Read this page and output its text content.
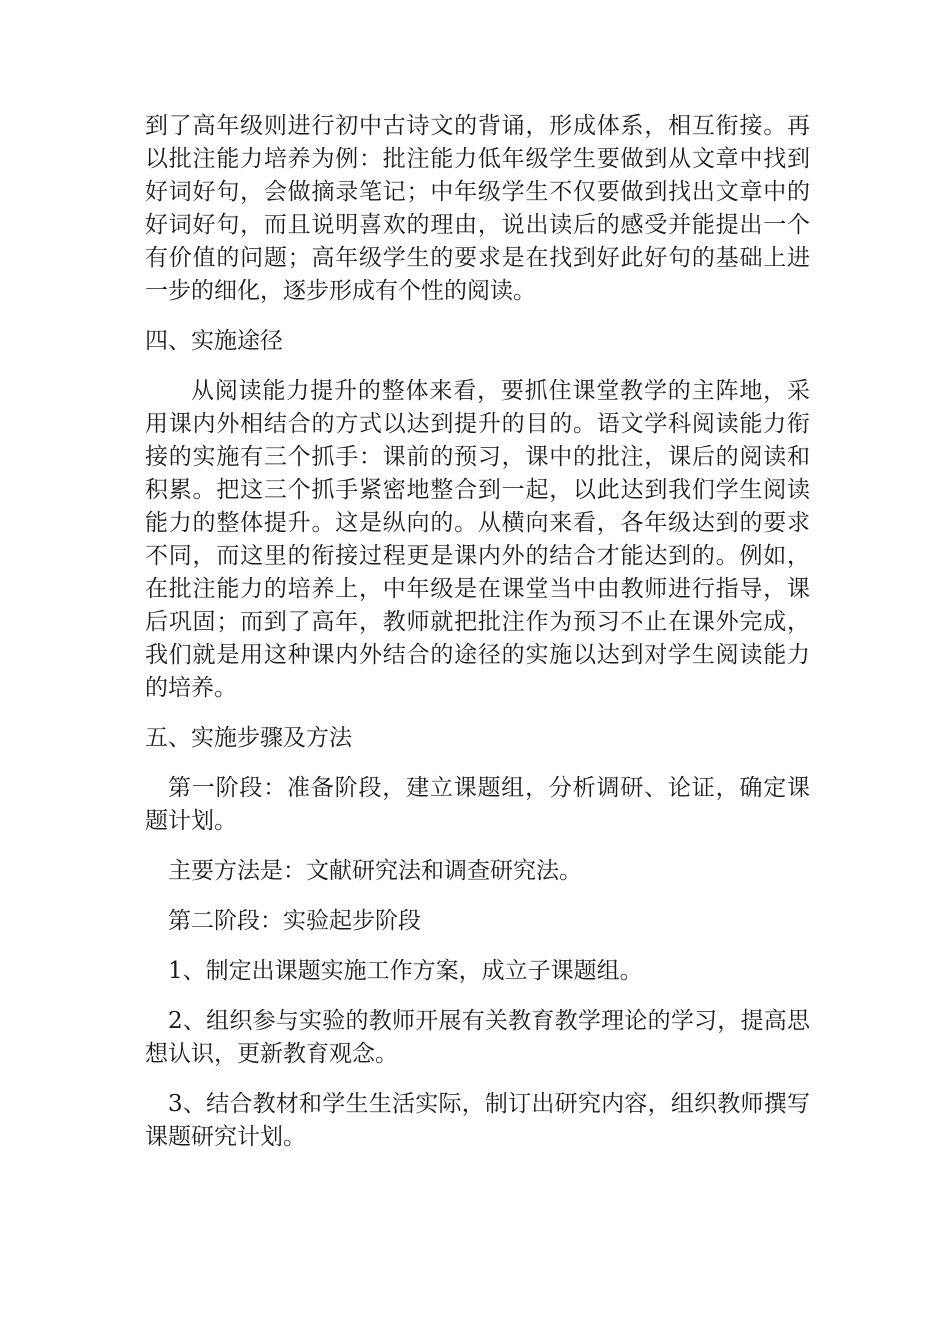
到了高年级则进行初中古诗文的背诵，形成体系，相互衔接。再以批注能力培养为例：批注能力低年级学生要做到从文章中找到好词好句，会做摘录笔记；中年级学生不仅要做到找出文章中的好词好句，而且说明喜欢的理由，说出读后的感受并能提出一个有价值的问题；高年级学生的要求是在找到好此好句的基础上进一步的细化，逐步形成有个性的阅读。

四、实施途径

从阅读能力提升的整体来看，要抓住课堂教学的主阵地，采用课内外相结合的方式以达到提升的目的。语文学科阅读能力衔接的实施有三个抓手：课前的预习，课中的批注，课后的阅读和积累。把这三个抓手紧密地整合到一起，以此达到我们学生阅读能力的整体提升。这是纵向的。从横向来看，各年级达到的要求不同，而这里的衔接过程更是课内外的结合才能达到的。例如，在批注能力的培养上，中年级是在课堂当中由教师进行指导，课后巩固；而到了高年，教师就把批注作为预习不止在课外完成，我们就是用这种课内外结合的途径的实施以达到对学生阅读能力的培养。

五、实施步骤及方法

第一阶段：准备阶段，建立课题组，分析调研、论证，确定课题计划。

主要方法是：文献研究法和调查研究法。

第二阶段：实验起步阶段

1、制定出课题实施工作方案，成立子课题组。

2、组织参与实验的教师开展有关教育教学理论的学习，提高思想认识，更新教育观念。

3、结合教材和学生生活实际，制订出研究内容，组织教师撰写课题研究计划。
